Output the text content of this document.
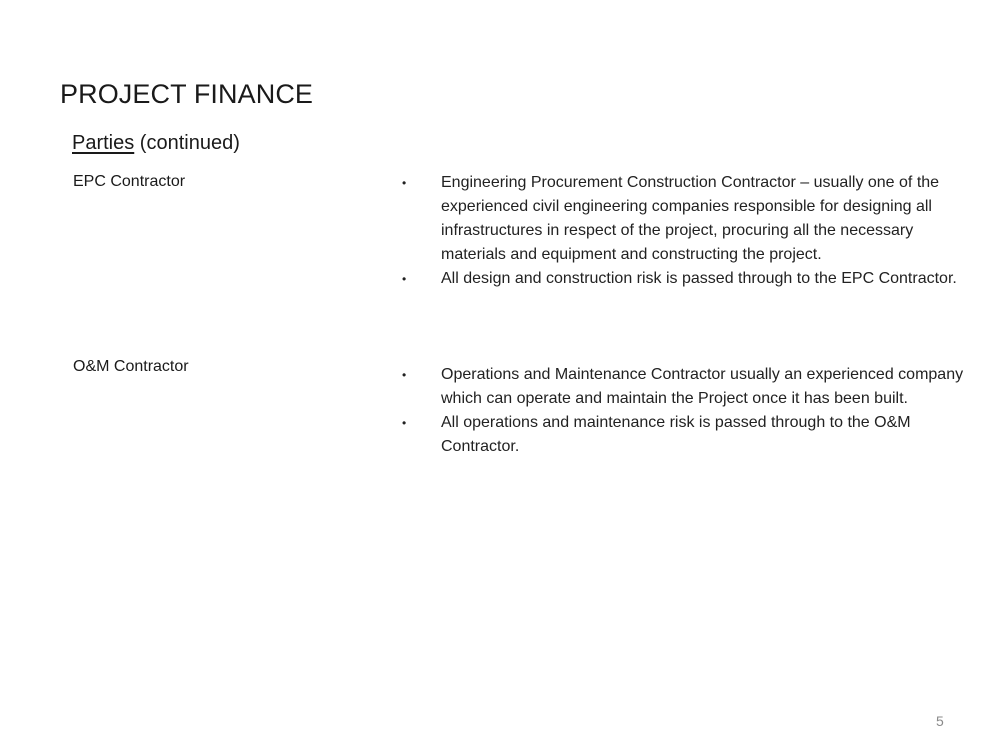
PROJECT FINANCE
Parties (continued)
EPC Contractor	•	Engineering Procurement Construction Contractor – usually one of the experienced civil engineering companies responsible for designing all infrastructures in respect of the project, procuring all the necessary materials and equipment and constructing the project.
•	All design and construction risk is passed through to the EPC Contractor.
O&M Contractor	•	Operations and Maintenance Contractor usually an experienced company which can operate and maintain the Project once it has been built.
•	All operations and maintenance risk is passed through to the O&M Contractor.
5
